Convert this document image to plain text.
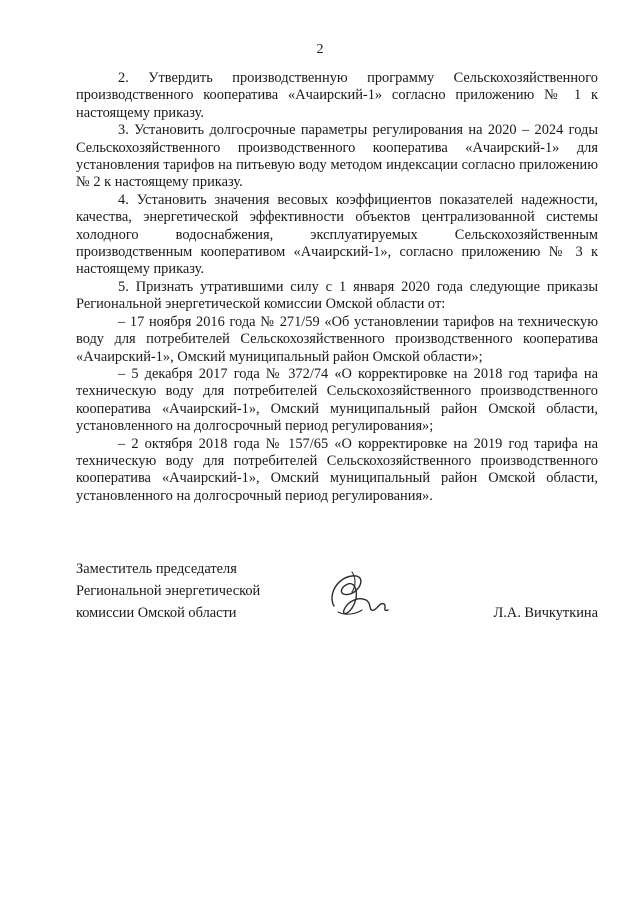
2

2. Утвердить производственную программу Сельскохозяйственного производственного кооператива «Ачаирский-1» согласно приложению № 1 к настоящему приказу.

3. Установить долгосрочные параметры регулирования на 2020 – 2024 годы Сельскохозяйственного производственного кооператива «Ачаирский-1» для установления тарифов на питьевую воду методом индексации согласно приложению № 2 к настоящему приказу.

4. Установить значения весовых коэффициентов показателей надежности, качества, энергетической эффективности объектов централизованной системы холодного водоснабжения, эксплуатируемых Сельскохозяйственным производственным кооперативом «Ачаирский-1», согласно приложению № 3 к настоящему приказу.

5. Признать утратившими силу с 1 января 2020 года следующие приказы Региональной энергетической комиссии Омской области от:

– 17 ноября 2016 года № 271/59 «Об установлении тарифов на техническую воду для потребителей Сельскохозяйственного производственного кооператива «Ачаирский-1», Омский муниципальный район Омской области»;

– 5 декабря 2017 года № 372/74 «О корректировке на 2018 год тарифа на техническую воду для потребителей Сельскохозяйственного производственного кооператива «Ачаирский-1», Омский муниципальный район Омской области, установленного на долгосрочный период регулирования»;

– 2 октября 2018 года № 157/65 «О корректировке на 2019 год тарифа на техническую воду для потребителей Сельскохозяйственного производственного кооператива «Ачаирский-1», Омский муниципальный район Омской области, установленного на долгосрочный период регулирования».

Заместитель председателя
Региональной энергетической
комиссии Омской области	Л.А. Вичкуткина
